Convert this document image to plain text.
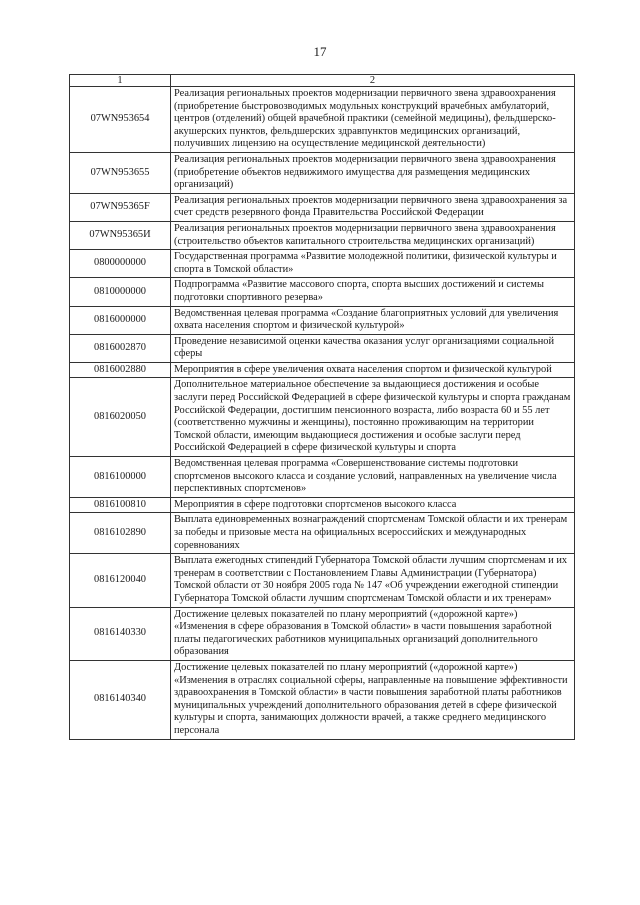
17
1	2
07WN953654	Реализация региональных проектов модернизации первичного звена здравоохранения (приобретение быстровозводимых модульных конструкций врачебных амбулаторий, центров (отделений) общей врачебной практики (семейной медицины), фельдшерско-акушерских пунктов, фельдшерских здравпунктов медицинских организаций, получивших лицензию на осуществление медицинской деятельности)
07WN953655	Реализация региональных проектов модернизации первичного звена здравоохранения (приобретение объектов недвижимого имущества для размещения медицинских организаций)
07WN95365F	Реализация региональных проектов модернизации первичного звена здравоохранения за счет средств резервного фонда Правительства Российской Федерации
07WN95365И	Реализация региональных проектов модернизации первичного звена здравоохранения (строительство объектов капитального строительства медицинских организаций)
0800000000	Государственная программа «Развитие молодежной политики, физической культуры и спорта в Томской области»
0810000000	Подпрограмма «Развитие массового спорта, спорта высших достижений и системы подготовки спортивного резерва»
0816000000	Ведомственная целевая программа «Создание благоприятных условий для увеличения охвата населения спортом и физической культурой»
0816002870	Проведение независимой оценки качества оказания услуг организациями социальной сферы
0816002880	Мероприятия в сфере увеличения охвата населения спортом и физической культурой
0816020050	Дополнительное материальное обеспечение за выдающиеся достижения и особые заслуги перед Российской Федерацией в сфере физической культуры и спорта гражданам Российской Федерации, достигшим пенсионного возраста, либо возраста 60 и 55 лет (соответственно мужчины и женщины), постоянно проживающим на территории Томской области, имеющим выдающиеся достижения и особые заслуги перед Российской Федерацией в сфере физической культуры и спорта
0816100000	Ведомственная целевая программа «Совершенствование системы подготовки спортсменов высокого класса и создание условий, направленных на увеличение числа перспективных спортсменов»
0816100810	Мероприятия в сфере подготовки спортсменов высокого класса
0816102890	Выплата единовременных вознаграждений спортсменам Томской области и их тренерам за победы и призовые места на официальных всероссийских и международных соревнованиях
0816120040	Выплата ежегодных стипендий Губернатора Томской области лучшим спортсменам и их тренерам в соответствии с Постановлением Главы Администрации (Губернатора) Томской области от 30 ноября 2005 года № 147 «Об учреждении ежегодной стипендии Губернатора Томской области лучшим спортсменам Томской области и их тренерам»
0816140330	Достижение целевых показателей по плану мероприятий («дорожной карте») «Изменения в сфере образования в Томской области» в части повышения заработной платы педагогических работников муниципальных организаций дополнительного образования
0816140340	Достижение целевых показателей по плану мероприятий («дорожной карте») «Изменения в отраслях социальной сферы, направленные на повышение эффективности здравоохранения в Томской области» в части повышения заработной платы работников муниципальных учреждений дополнительного образования детей в сфере физической культуры и спорта, занимающих должности врачей, а также среднего медицинского персонала
